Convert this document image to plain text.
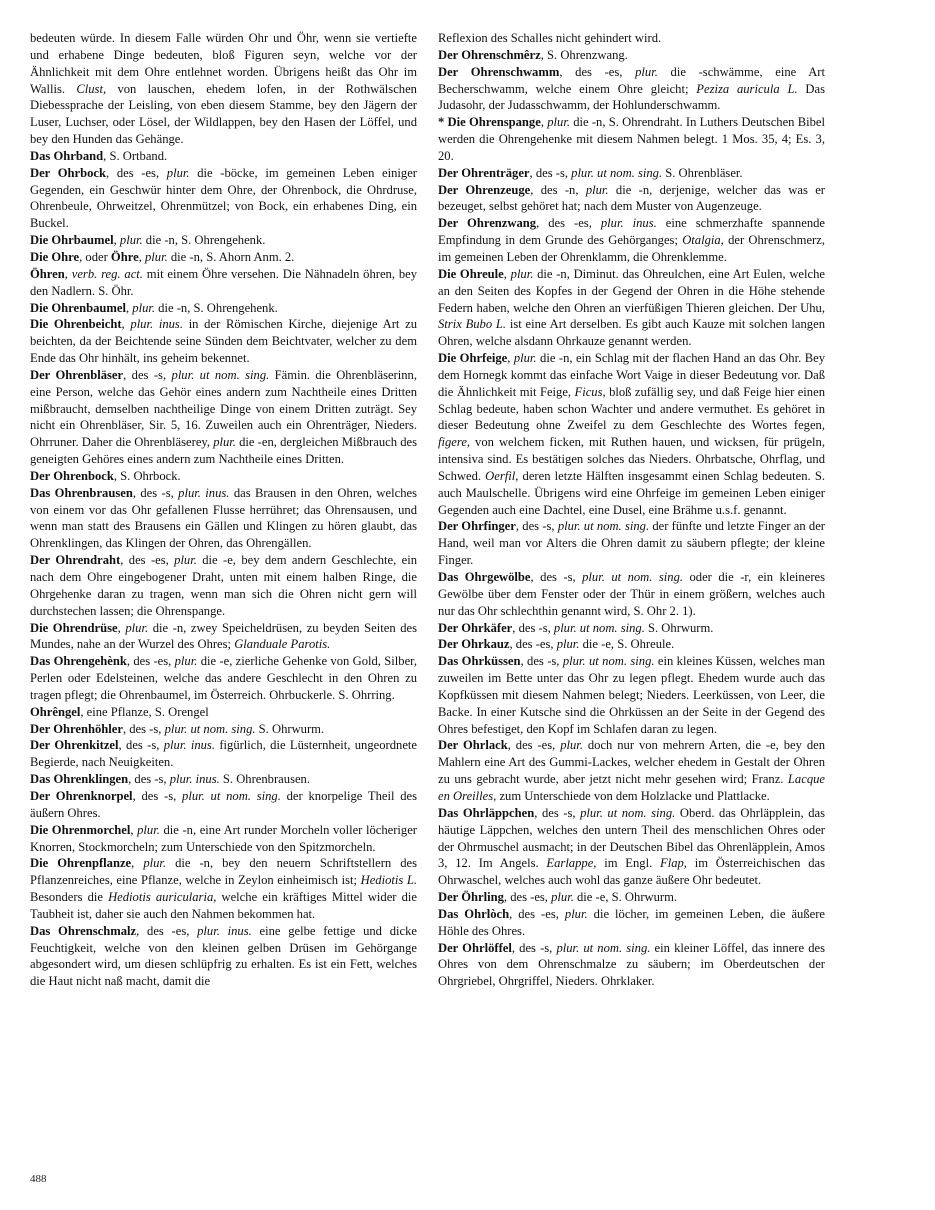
bedeuten würde. In diesem Falle würden Ohr und Öhr, wenn sie vertiefte und erhabene Dinge bedeuten, bloß Figuren seyn, welche vor der Ähnlichkeit mit dem Ohre entlehnet worden. Übrigens heißt das Ohr im Wallis. Clust, von lauschen, ehedem lofen, in der Rothwälschen Diebessprache der Leisling, von eben diesem Stamme, bey den Jägern der Luser, Luchser, oder Lösel, der Wildlappen, bey den Hasen der Löffel, und bey den Hunden das Gehänge.

Das Ohrband, S. Ortband.

Der Ohrbock, des -es, plur. die -böcke, im gemeinen Leben einiger Gegenden, ein Geschwür hinter dem Ohre, der Ohrenbock, die Ohrdruse, Ohrenbeule, Ohrweitzel, Ohrenmützel; von Bock, ein erhabenes Ding, ein Buckel.

Die Ohrbaumel, plur. die -n, S. Ohrengehenk.

Die Ohre, oder Öhre, plur. die -n, S. Ahorn Anm. 2.

Öhren, verb. reg. act. mit einem Öhre versehen. Die Nähnadeln öhren, bey den Nadlern. S. Öhr.

Die Ohrenbaumel, plur. die -n, S. Ohrengehenk.

Die Ohrenbeicht, plur. inus. in der Römischen Kirche, diejenige Art zu beichten, da der Beichtende seine Sünden dem Beichtvater, welcher zu dem Ende das Ohr hinhält, ins geheim bekennet.

Der Ohrenbläser, des -s, plur. ut nom. sing. Fämin. die Ohrenbläserinn, eine Person, welche das Gehör eines andern zum Nachtheile eines Dritten mißbraucht, demselben nachtheilige Dinge von einem Dritten zuträgt. Sey nicht ein Ohrenbläser, Sir. 5, 16. Zuweilen auch ein Ohrenträger, Nieders. Ohrruner. Daher die Ohrenbläserey, plur. die -en, dergleichen Mißbrauch des geneigten Gehöres eines andern zum Nachtheile eines Dritten.

Der Ohrenbock, S. Ohrbock.

Das Ohrenbrausen, des -s, plur. inus. das Brausen in den Ohren, welches von einem vor das Ohr gefallenen Flusse herrühret; das Ohrensausen, und wenn man statt des Brausens ein Gällen und Klingen zu hören glaubt, das Ohrenklingen, das Klingen der Ohren, das Ohrengällen.

Der Ohrendraht, des -es, plur. die -e, bey dem andern Geschlechte, ein nach dem Ohre eingebogener Draht, unten mit einem halben Ringe, die Ohrgehenke daran zu tragen, wenn man sich die Ohren nicht gern will durchstechen lassen; die Ohrenspange.

Die Ohrendrüse, plur. die -n, zwey Speicheldrüsen, zu beyden Seiten des Mundes, nahe an der Wurzel des Ohres; Glanduale Parotis.

Das Ohrengehènk, des -es, plur. die -e, zierliche Gehenke von Gold, Silber, Perlen oder Edelsteinen, welche das andere Geschlecht in den Ohren zu tragen pflegt; die Ohrenbaumel, im Österreich. Ohrbuckerle. S. Ohrring.

Ohrêngel, eine Pflanze, S. Orengel

Der Ohrenhöhler, des -s, plur. ut nom. sing. S. Ohrwurm.

Der Ohrenkitzel, des -s, plur. inus. figürlich, die Lüsternheit, ungeordnete Begierde, nach Neuigkeiten.

Das Ohrenklingen, des -s, plur. inus. S. Ohrenbrausen.

Der Ohrenknorpel, des -s, plur. ut nom. sing. der knorpelige Theil des äußern Ohres.

Die Ohrenmorchel, plur. die -n, eine Art runder Morcheln voller löcheriger Knorren, Stockmorcheln; zum Unterschiede von den Spitzmorcheln.

Die Ohrenpflanze, plur. die -n, bey den neuern Schriftstellern des Pflanzenreiches, eine Pflanze, welche in Zeylon einheimisch ist; Hediotis L. Besonders die Hediotis auricularia, welche ein kräftiges Mittel wider die Taubheit ist, daher sie auch den Nahmen bekommen hat.

Das Ohrenschmalz, des -es, plur. inus. eine gelbe fettige und dicke Feuchtigkeit, welche von den kleinen gelben Drüsen im Gehörgange abgesondert wird, um diesen schlüpfrig zu erhalten. Es ist ein Fett, welches die Haut nicht naß macht, damit die

Reflexion des Schalles nicht gehindert wird.

Der Ohrenschmêrz, S. Ohrenzwang.

Der Ohrenschwamm, des -es, plur. die -schwämme, eine Art Becherschwamm, welche einem Ohre gleicht; Peziza auricula L. Das Judasohr, der Judasschwamm, der Hohlunderschwamm.

* Die Ohrenspange, plur. die -n, S. Ohrendraht. In Luthers Deutschen Bibel werden die Ohrengehenke mit diesem Nahmen belegt. 1 Mos. 35, 4; Es. 3, 20.

Der Ohrenträger, des -s, plur. ut nom. sing. S. Ohrenbläser.

Der Ohrenzeuge, des -n, plur. die -n, derjenige, welcher das was er bezeuget, selbst gehöret hat; nach dem Muster von Augenzeuge.

Der Ohrenzwang, des -es, plur. inus. eine schmerzhafte spannende Empfindung in dem Grunde des Gehörganges; Otalgia, der Ohrenschmerz, im gemeinen Leben der Ohrenklamm, die Ohrenklemme.

Die Ohreule, plur. die -n, Diminut. das Ohreulchen, eine Art Eulen, welche an den Seiten des Kopfes in der Gegend der Ohren in die Höhe stehende Federn haben, welche den Ohren an vierfüßigen Thieren gleichen. Der Uhu, Strix Bubo L. ist eine Art derselben. Es gibt auch Kauze mit solchen langen Ohren, welche alsdann Ohrkauze genannt werden.

Die Ohrfeige, plur. die -n, ein Schlag mit der flachen Hand an das Ohr. Bey dem Hornegk kommt das einfache Wort Vaige in dieser Bedeutung vor. Daß die Ähnlichkeit mit Feige, Ficus, bloß zufällig sey, und daß Feige hier einen Schlag bedeute, haben schon Wachter und andere vermuthet. Es gehöret in dieser Bedeutung ohne Zweifel zu dem Geschlechte des Wortes fegen, figere, von welchem ficken, mit Ruthen hauen, und wicksen, für prügeln, intensiva sind. Es bestätigen solches das Nieders. Ohrbatsche, Ohrflag, und Schwed. Oerfil, deren letzte Hälften insgesammt einen Schlag bedeuten. S. auch Maulschelle. Übrigens wird eine Ohrfeige im gemeinen Leben einiger Gegenden auch eine Dachtel, eine Dusel, eine Brähme u.s.f. genannt.

Der Ohrfinger, des -s, plur. ut nom. sing. der fünfte und letzte Finger an der Hand, weil man vor Alters die Ohren damit zu säubern pflegte; der kleine Finger.

Das Ohrgewölbe, des -s, plur. ut nom. sing. oder die -r, ein kleineres Gewölbe über dem Fenster oder der Thür in einem größern, welches auch nur das Ohr schlechthin genannt wird, S. Ohr 2. 1).

Der Ohrkäfer, des -s, plur. ut nom. sing. S. Ohrwurm.

Der Ohrkauz, des -es, plur. die -e, S. Ohreule.

Das Ohrküssen, des -s, plur. ut nom. sing. ein kleines Küssen, welches man zuweilen im Bette unter das Ohr zu legen pflegt. Ehedem wurde auch das Kopfküssen mit diesem Nahmen belegt; Nieders. Leerküssen, von Leer, die Backe. In einer Kutsche sind die Ohrküssen an der Seite in der Gegend des Ohres befestiget, den Kopf im Schlafen daran zu legen.

Der Ohrlack, des -es, plur. doch nur von mehrern Arten, die -e, bey den Mahlern eine Art des Gummi-Lackes, welcher ehedem in Gestalt der Ohren zu uns gebracht wurde, aber jetzt nicht mehr gesehen wird; Franz. Lacque en Oreilles, zum Unterschiede von dem Holzlacke und Plattlacke.

Das Ohrläppchen, des -s, plur. ut nom. sing. Oberd. das Ohrläpplein, das häutige Läppchen, welches den untern Theil des menschlichen Ohres oder der Ohrmuschel ausmacht; in der Deutschen Bibel das Ohrenläpplein, Amos 3, 12. Im Angels. Earlappe, im Engl. Flap, im Österreichischen das Ohrwaschel, welches auch wohl das ganze äußere Ohr bedeutet.

Der Öhrling, des -es, plur. die -e, S. Ohrwurm.

Das Ohrlòch, des -es, plur. die löcher, im gemeinen Leben, die äußere Höhle des Ohres.

Der Ohrlöffel, des -s, plur. ut nom. sing. ein kleiner Löffel, das innere des Ohres von dem Ohrenschmalze zu säubern; im Oberdeutschen der Ohrgriebel, Ohrgriffel, Nieders. Ohrklaker.

488
